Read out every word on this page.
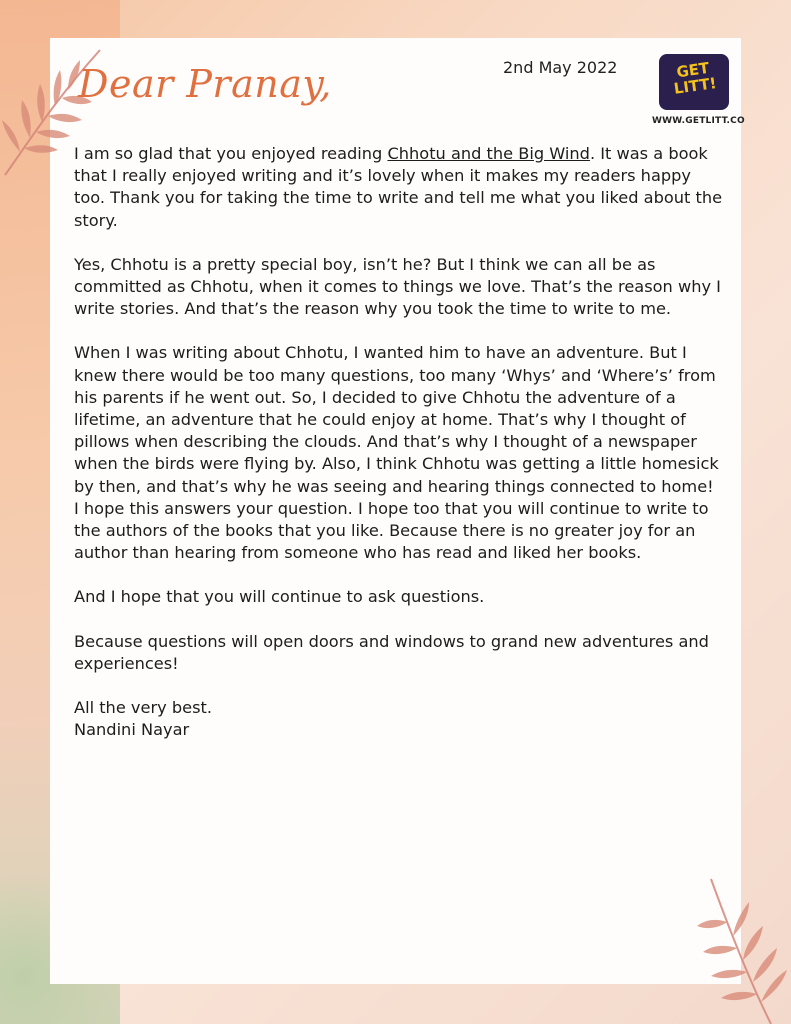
Dear Pranay,	2nd May 2022	GET LITT!
WWW.GETLITT.CO

I am so glad that you enjoyed reading Chhotu and the Big Wind. It was a book that I really enjoyed writing and it’s lovely when it makes my readers happy too. Thank you for taking the time to write and tell me what you liked about the story.

Yes, Chhotu is a pretty special boy, isn’t he? But I think we can all be as committed as Chhotu, when it comes to things we love. That’s the reason why I write stories. And that’s the reason why you took the time to write to me.

When I was writing about Chhotu, I wanted him to have an adventure. But I knew there would be too many questions, too many ‘Whys’ and ‘Where’s’ from his parents if he went out. So, I decided to give Chhotu the adventure of a lifetime, an adventure that he could enjoy at home. That’s why I thought of pillows when describing the clouds. And that’s why I thought of a newspaper when the birds were flying by. Also, I think Chhotu was getting a little homesick by then, and that’s why he was seeing and hearing things connected to home!

I hope this answers your question. I hope too that you will continue to write to the authors of the books that you like. Because there is no greater joy for an author than hearing from someone who has read and liked her books.

And I hope that you will continue to ask questions.

Because questions will open doors and windows to grand new adventures and experiences!

All the very best.

Nandini Nayar
